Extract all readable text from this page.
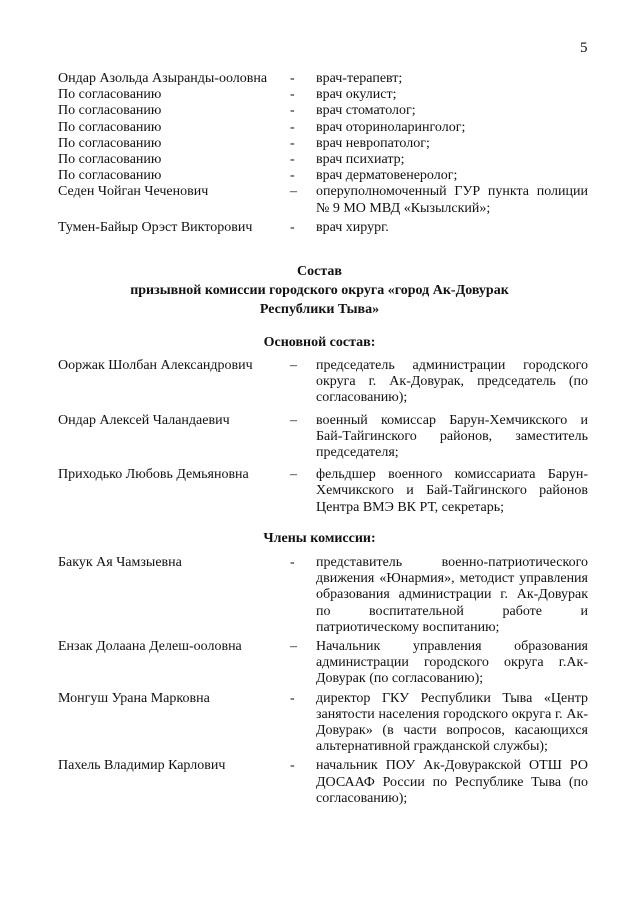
5
Ондар Азольда Азыранды-ооловна	-	врач-терапевт;
По согласованию	-	врач окулист;
По согласованию	-	врач стоматолог;
По согласованию	-	врач оториноларинголог;
По согласованию	-	врач невропатолог;
По согласованию	-	врач психиатр;
По согласованию	-	врач дерматовенеролог;
Седен Чойган Чеченович	–	оперуполномоченный ГУР пункта полиции № 9 МО МВД «Кызылский»;
Тумен-Байыр Орэст Викторович	-	врач хирург.
Состав
призывной комиссии городского округа «город Ак-Довурак
Республики Тыва»
Основной состав:
Ооржак Шолбан Александрович	–	председатель администрации городского округа г. Ак-Довурак, председатель (по согласованию);
Ондар Алексей Чаландаевич	–	военный комиссар Барун-Хемчикского и Бай-Тайгинского районов, заместитель председателя;
Приходько Любовь Демьяновна	–	фельдшер военного комиссариата Барун-Хемчикского и Бай-Тайгинского районов Центра ВМЭ ВК РТ, секретарь;
Члены комиссии:
Бакук Ая Чамзыевна	-	представитель военно-патриотического движения «Юнармия», методист управления образования администрации г. Ак-Довурак по воспитательной работе и патриотическому воспитанию;
Ензак Долаана Делеш-ооловна	–	Начальник управления образования администрации городского округа г.Ак-Довурак (по согласованию);
Монгуш Урана Марковна	-	директор ГКУ Республики Тыва «Центр занятости населения городского округа г. Ак-Довурак» (в части вопросов, касающихся альтернативной гражданской службы);
Пахель Владимир Карлович	-	начальник ПОУ Ак-Довуракской ОТШ РО ДОСААФ России по Республике Тыва (по согласованию);
